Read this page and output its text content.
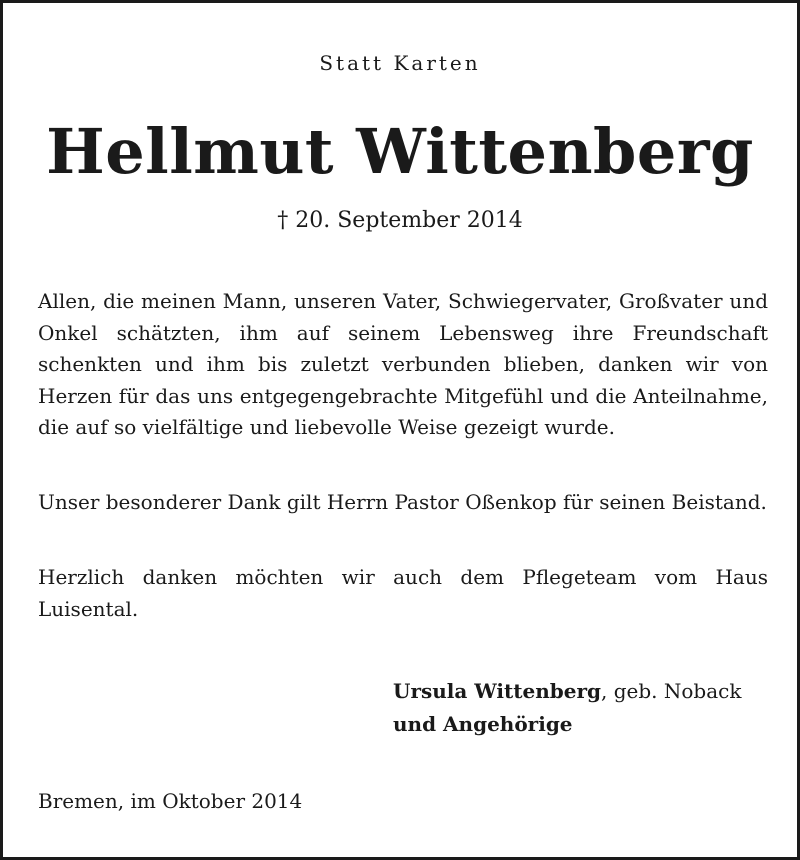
Statt Karten
Hellmut Wittenberg
† 20. September 2014
Allen, die meinen Mann, unseren Vater, Schwiegervater, Großvater und Onkel schätzten, ihm auf seinem Lebensweg ihre Freundschaft schenkten und ihm bis zuletzt verbunden blieben, danken wir von Herzen für das uns entgegengebrachte Mitgefühl und die Anteilnahme, die auf so vielfältige und liebevolle Weise gezeigt wurde.
Unser besonderer Dank gilt Herrn Pastor Oßenkop für seinen Beistand.
Herzlich danken möchten wir auch dem Pflegeteam vom Haus Luisental.
Ursula Wittenberg, geb. Noback
und Angehörige
Bremen, im Oktober 2014
